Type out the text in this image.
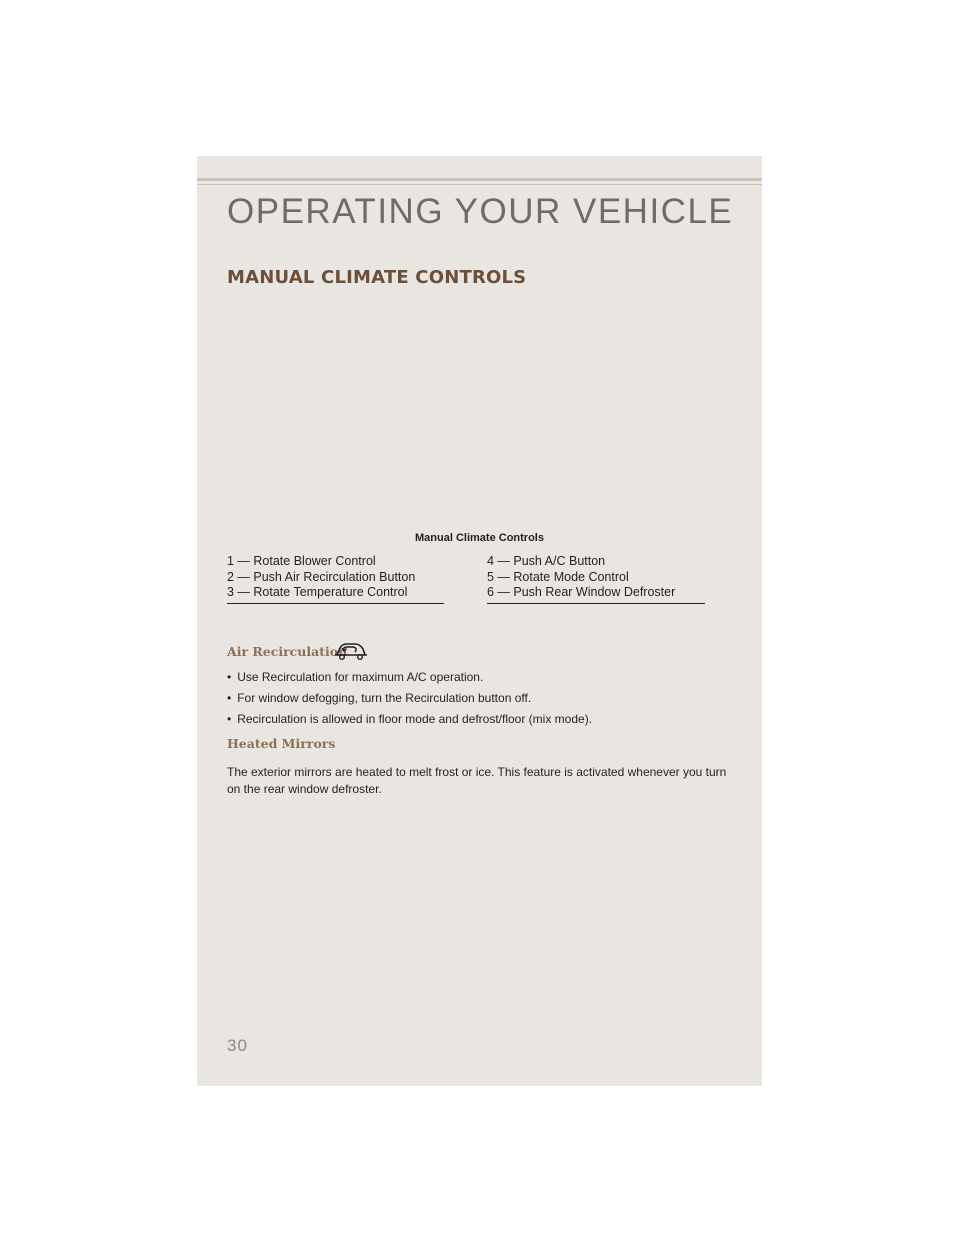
OPERATING YOUR VEHICLE
MANUAL CLIMATE CONTROLS
Manual Climate Controls
1 — Rotate Blower Control
2 — Push Air Recirculation Button
3 — Rotate Temperature Control
4 — Push A/C Button
5 — Rotate Mode Control
6 — Push Rear Window Defroster
Air Recirculation
• Use Recirculation for maximum A/C operation.
• For window defogging, turn the Recirculation button off.
• Recirculation is allowed in floor mode and defrost/floor (mix mode).
Heated Mirrors

The exterior mirrors are heated to melt frost or ice. This feature is activated whenever you turn on the rear window defroster.

30
